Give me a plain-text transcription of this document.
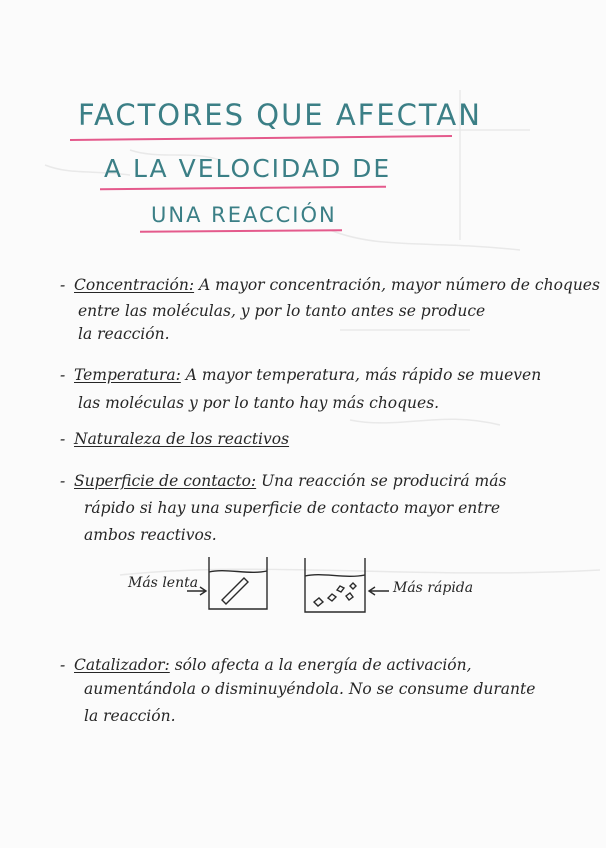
FACTORES QUE AFECTAN
A LA VELOCIDAD DE
UNA REACCIÓN
- Concentración: A mayor concentración, mayor número de choques
entre las moléculas, y por lo tanto antes se produce
la reacción.
- Temperatura: A mayor temperatura, más rápido se mueven
las moléculas y por lo tanto hay más choques.
- Naturaleza de los reactivos
- Superficie de contacto: Una reacción se producirá más
rápido si hay una superficie de contacto mayor entre
ambos reactivos.
Más lenta	Más rápida
- Catalizador: sólo afecta a la energía de activación,
aumentándola o disminuyéndola. No se consume durante
la reacción.
